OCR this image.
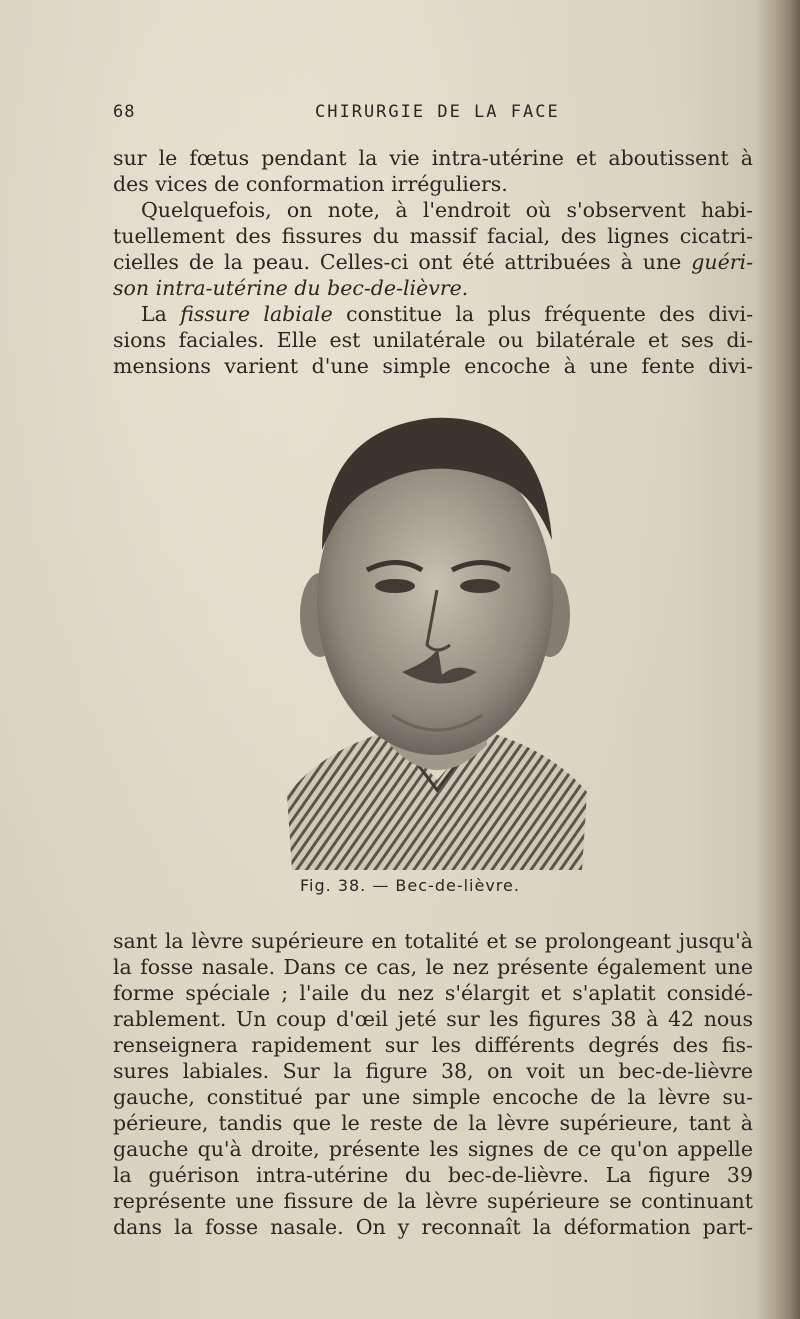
68	CHIRURGIE DE LA FACE

sur le fœtus pendant la vie intra-utérine et aboutissent à
des vices de conformation irréguliers.

Quelquefois, on note, à l'endroit où s'observent habi-
tuellement des fissures du massif facial, des lignes cicatri-
cielles de la peau. Celles-ci ont été attribuées à une guéri-
son intra-utérine du bec-de-lièvre.

La fissure labiale constitue la plus fréquente des divi-
sions faciales. Elle est unilatérale ou bilatérale et ses di-
mensions varient d'une simple encoche à une fente divi-

Fig. 38. — Bec-de-lièvre.

sant la lèvre supérieure en totalité et se prolongeant jusqu'à
la fosse nasale. Dans ce cas, le nez présente également une
forme spéciale ; l'aile du nez s'élargit et s'aplatit considé-
rablement. Un coup d'œil jeté sur les figures 38 à 42 nous
renseignera rapidement sur les différents degrés des fis-
sures labiales. Sur la figure 38, on voit un bec-de-lièvre
gauche, constitué par une simple encoche de la lèvre su-
périeure, tandis que le reste de la lèvre supérieure, tant à
gauche qu'à droite, présente les signes de ce qu'on appelle
la guérison intra-utérine du bec-de-lièvre. La figure 39
représente une fissure de la lèvre supérieure se continuant
dans la fosse nasale. On y reconnaît la déformation part-
